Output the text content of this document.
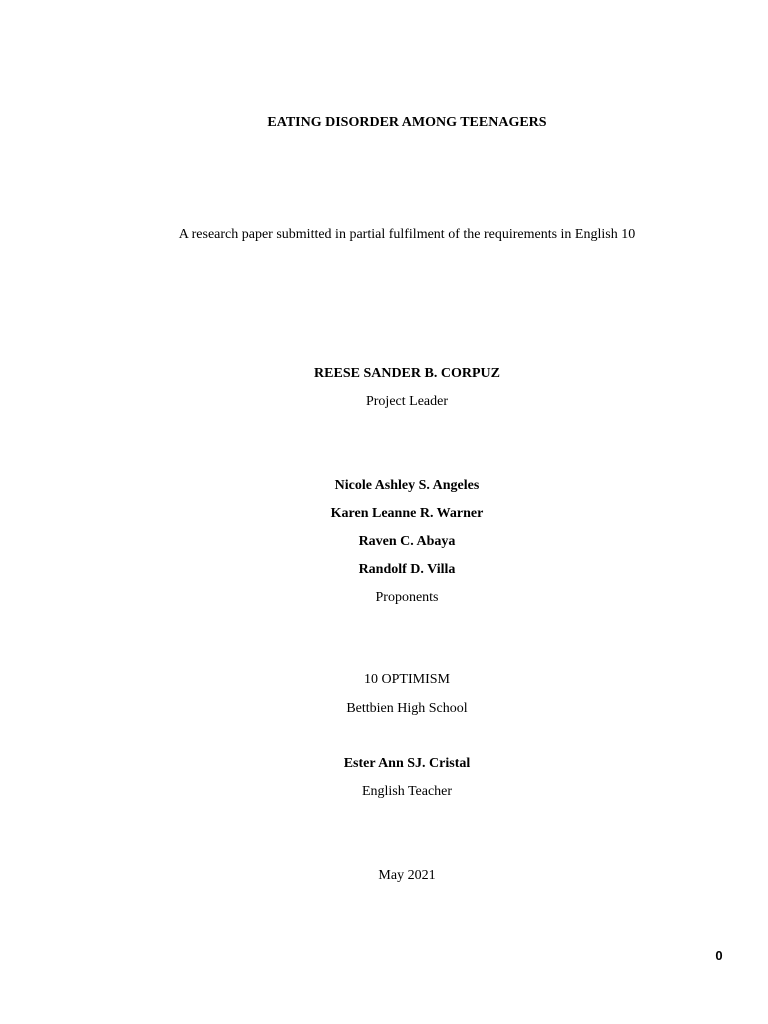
EATING DISORDER AMONG TEENAGERS
A research paper submitted in partial fulfilment of the requirements in English 10
REESE SANDER B. CORPUZ
Project Leader
Nicole Ashley S. Angeles
Karen Leanne R. Warner
Raven C. Abaya
Randolf D. Villa
Proponents
10 OPTIMISM
Bettbien High School
Ester Ann SJ. Cristal
English Teacher
May 2021
0
